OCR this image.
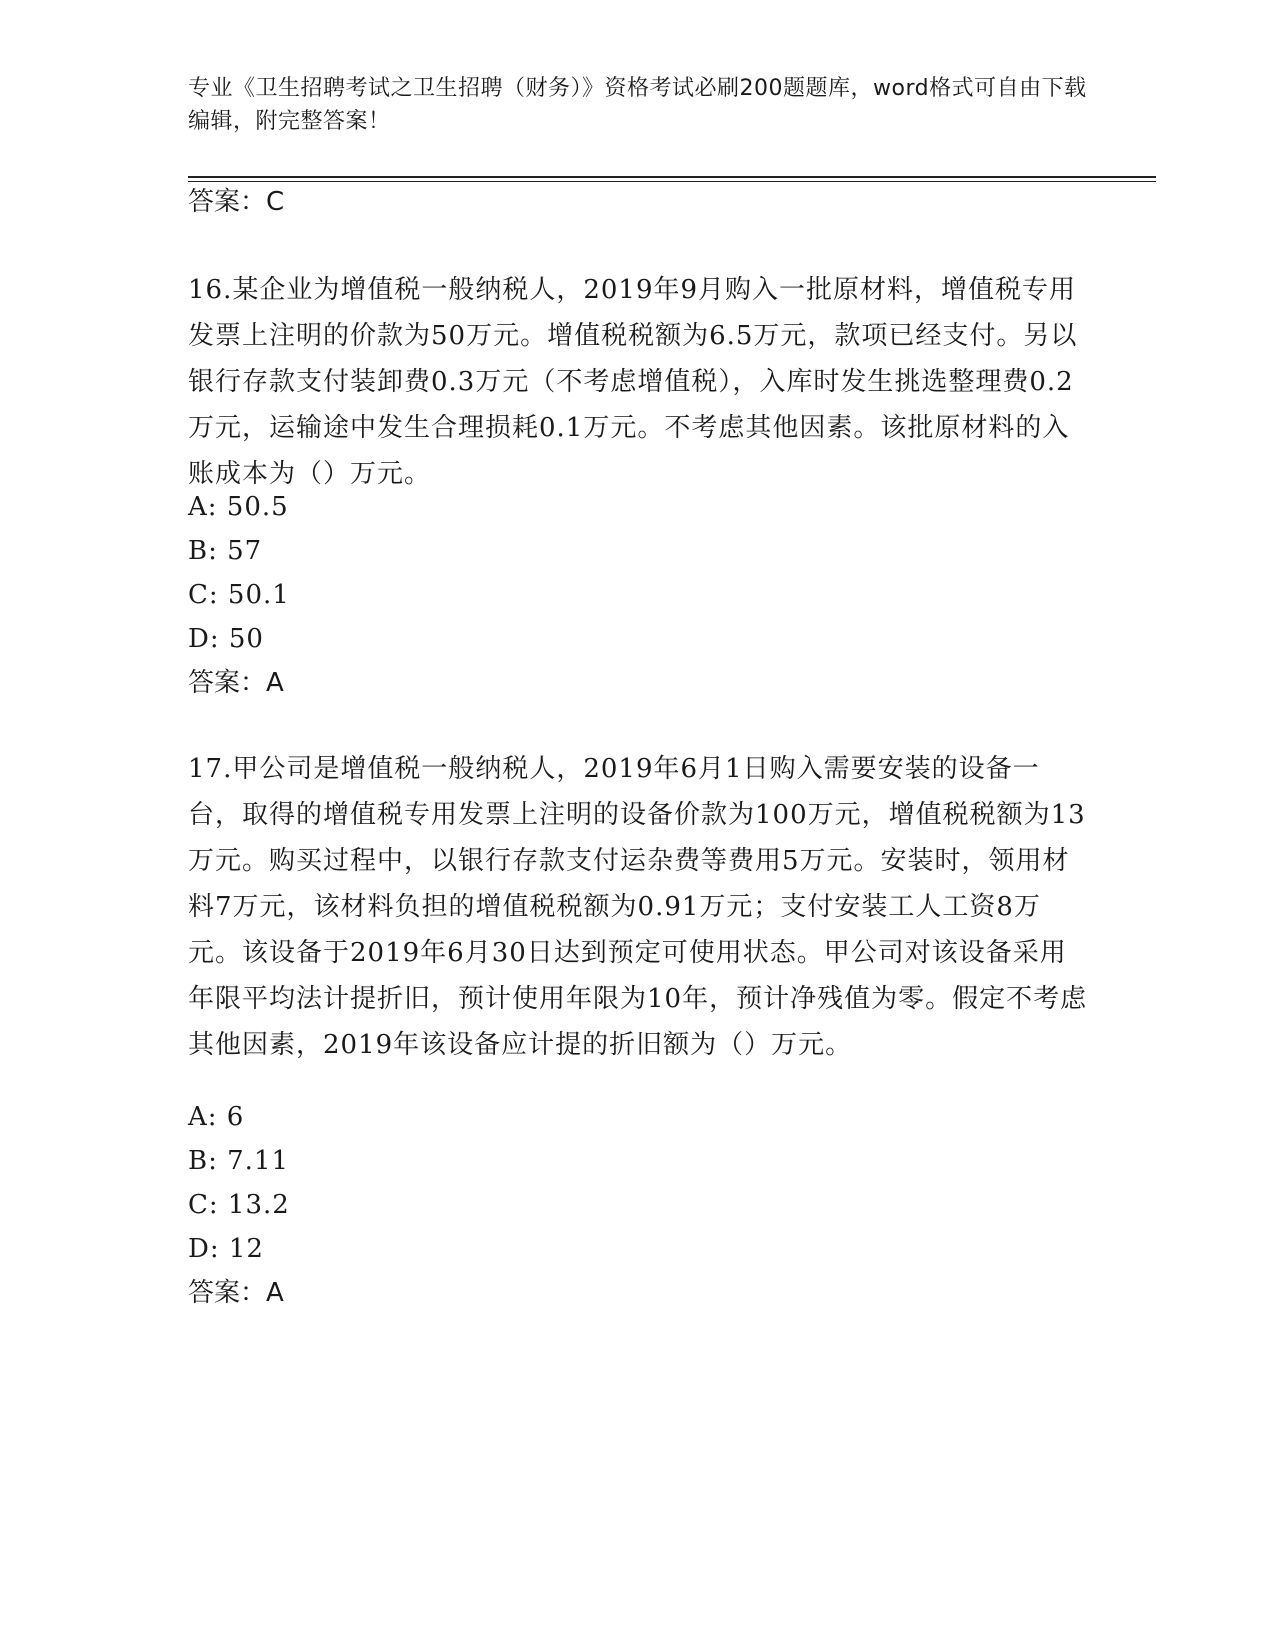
专业《卫生招聘考试之卫生招聘（财务）》资格考试必刷200题题库，word格式可自由下载编辑，附完整答案！
答案：C
16.某企业为增值税一般纳税人，2019年9月购入一批原材料，增值税专用发票上注明的价款为50万元。增值税税额为6.5万元，款项已经支付。另以银行存款支付装卸费0.3万元（不考虑增值税），入库时发生挑选整理费0.2万元，运输途中发生合理损耗0.1万元。不考虑其他因素。该批原材料的入账成本为（）万元。
A: 50.5
B: 57
C: 50.1
D: 50
答案：A
17.甲公司是增值税一般纳税人，2019年6月1日购入需要安装的设备一台，取得的增值税专用发票上注明的设备价款为100万元，增值税税额为13万元。购买过程中，以银行存款支付运杂费等费用5万元。安装时，领用材料7万元，该材料负担的增值税税额为0.91万元；支付安装工人工资8万元。该设备于2019年6月30日达到预定可使用状态。甲公司对该设备采用年限平均法计提折旧，预计使用年限为10年，预计净残值为零。假定不考虑其他因素，2019年该设备应计提的折旧额为（）万元。
A: 6
B: 7.11
C: 13.2
D: 12
答案：A
